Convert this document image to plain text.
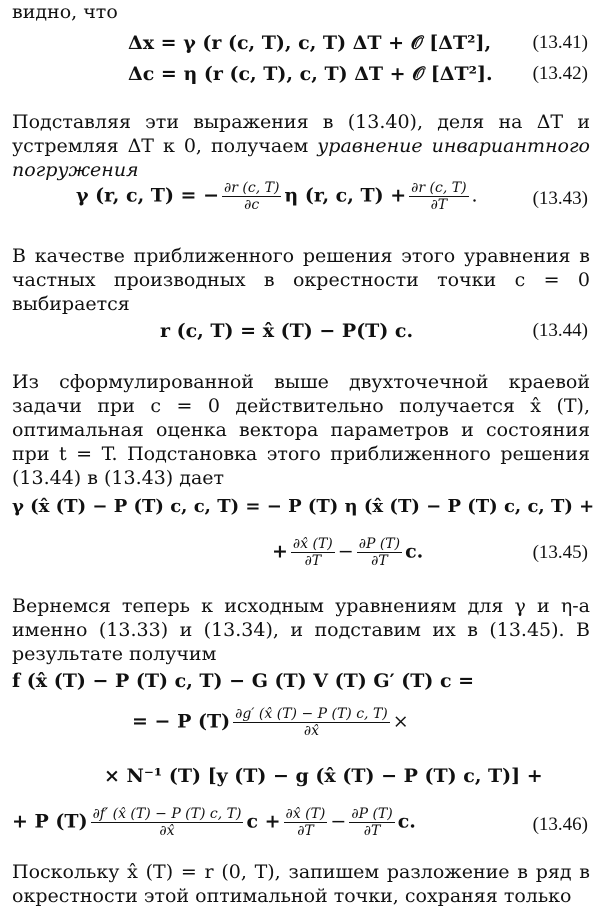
видно, что

Δx = γ (r (c, T), c, T) ΔT + 𝒪 [ΔT²], (13.41)
Δc = η (r (c, T), c, T) ΔT + 𝒪 [ΔT²]. (13.42)

Подставляя эти выражения в (13.40), деля на ΔT и устремляя ΔT к 0, получаем уравнение инвариантного погружения

γ (r, c, T) = − $\frac{\partial r (c, T)}{\partial c}$ η (r, c, $T) + \frac{\partial r (c, T)}{\partial T}$ .	(13.43)

В качестве приближенного решения этого уравнения в частных производных в окрестности точки c = 0 выбирается

r (c, T) = x̂ (T) − P(T) c.	(13.44)

Из сформулированной выше двухточечной краевой задачи при c = 0 действительно получается x̂ (T), оптимальная оценка вектора параметров и состояния при t = T. Подстановка этого приближенного решения (13.44) в (13.43) дает

γ (x̂ (T) − P (T) c, c, T) = − P (T) η (x̂ (T) − P (T) c, c, T) +
+ $\frac{\partial x̂ (T)}{\partial T} - \frac{\partial P (T)}{\partial T} c$.	(13.45)

Вернемся теперь к исходным уравнениям для γ и η-а именно (13.33) и (13.34), и подставим их в (13.45). В результате получим

f (x̂ (T) − P (T) c, T) − G (T) V (T) G′ (T) c =
= − P $(T) \frac{\partial g' (x̂ (T) - P (T) c, T)}{\partial x̂}$ ×
× N⁻¹ (T) [y (T) − g (x̂ (T) − P (T) c, T)] +
+ P $(T) \frac{\partial f' (x̂ (T) - P (T) c, T)}{\partial x̂}$ $c + \frac{\partial x̂ (T)}{\partial T} - \frac{\partial P (T)}{\partial T} c$.	(13.46)

Поскольку x̂ (T) = r (0, T), запишем разложение в ряд в окрестности этой оптимальной точки, сохраняя только
